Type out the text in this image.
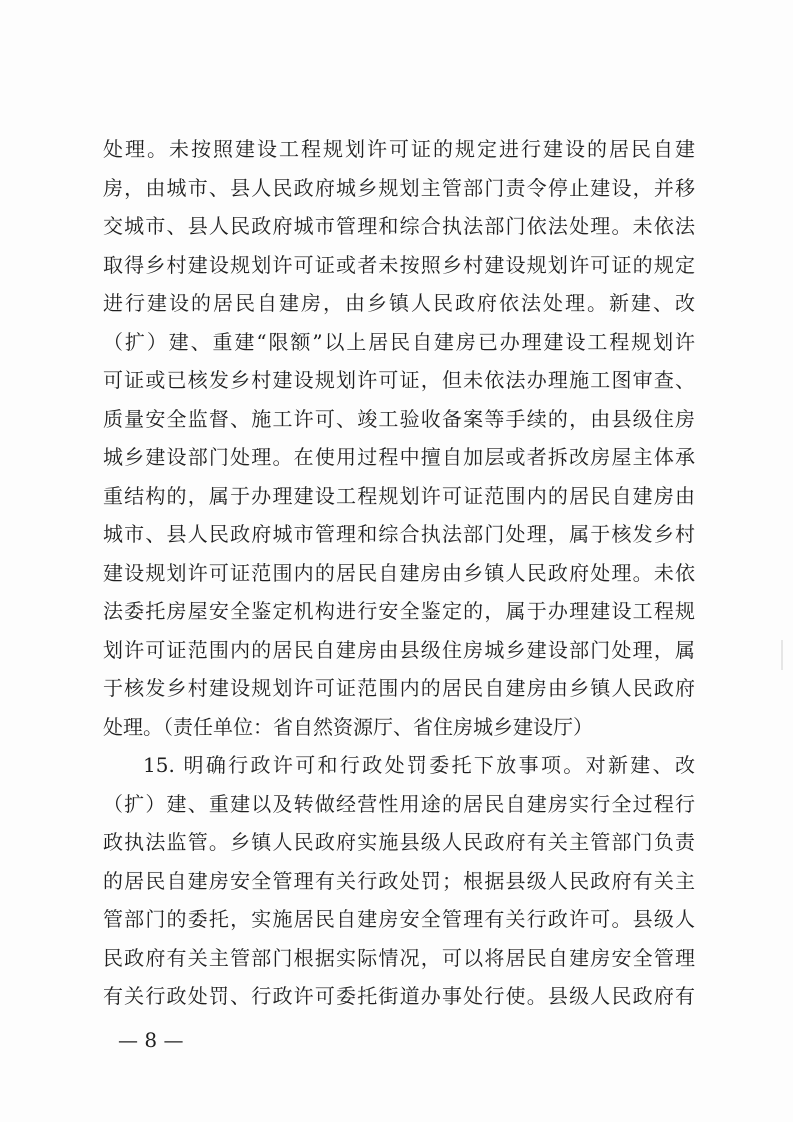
处理。未按照建设工程规划许可证的规定进行建设的居民自建
房，由城市、县人民政府城乡规划主管部门责令停止建设，并移
交城市、县人民政府城市管理和综合执法部门依法处理。未依法
取得乡村建设规划许可证或者未按照乡村建设规划许可证的规定
进行建设的居民自建房，由乡镇人民政府依法处理。新建、改
（扩）建、重建“限额”以上居民自建房已办理建设工程规划许
可证或已核发乡村建设规划许可证，但未依法办理施工图审查、
质量安全监督、施工许可、竣工验收备案等手续的，由县级住房
城乡建设部门处理。在使用过程中擅自加层或者拆改房屋主体承
重结构的，属于办理建设工程规划许可证范围内的居民自建房由
城市、县人民政府城市管理和综合执法部门处理，属于核发乡村
建设规划许可证范围内的居民自建房由乡镇人民政府处理。未依
法委托房屋安全鉴定机构进行安全鉴定的，属于办理建设工程规
划许可证范围内的居民自建房由县级住房城乡建设部门处理，属
于核发乡村建设规划许可证范围内的居民自建房由乡镇人民政府
处理。（责任单位：省自然资源厅、省住房城乡建设厅）
15. 明确行政许可和行政处罚委托下放事项。对新建、改
（扩）建、重建以及转做经营性用途的居民自建房实行全过程行
政执法监管。乡镇人民政府实施县级人民政府有关主管部门负责
的居民自建房安全管理有关行政处罚；根据县级人民政府有关主
管部门的委托，实施居民自建房安全管理有关行政许可。县级人
民政府有关主管部门根据实际情况，可以将居民自建房安全管理
有关行政处罚、行政许可委托街道办事处行使。县级人民政府有
— 8 —
